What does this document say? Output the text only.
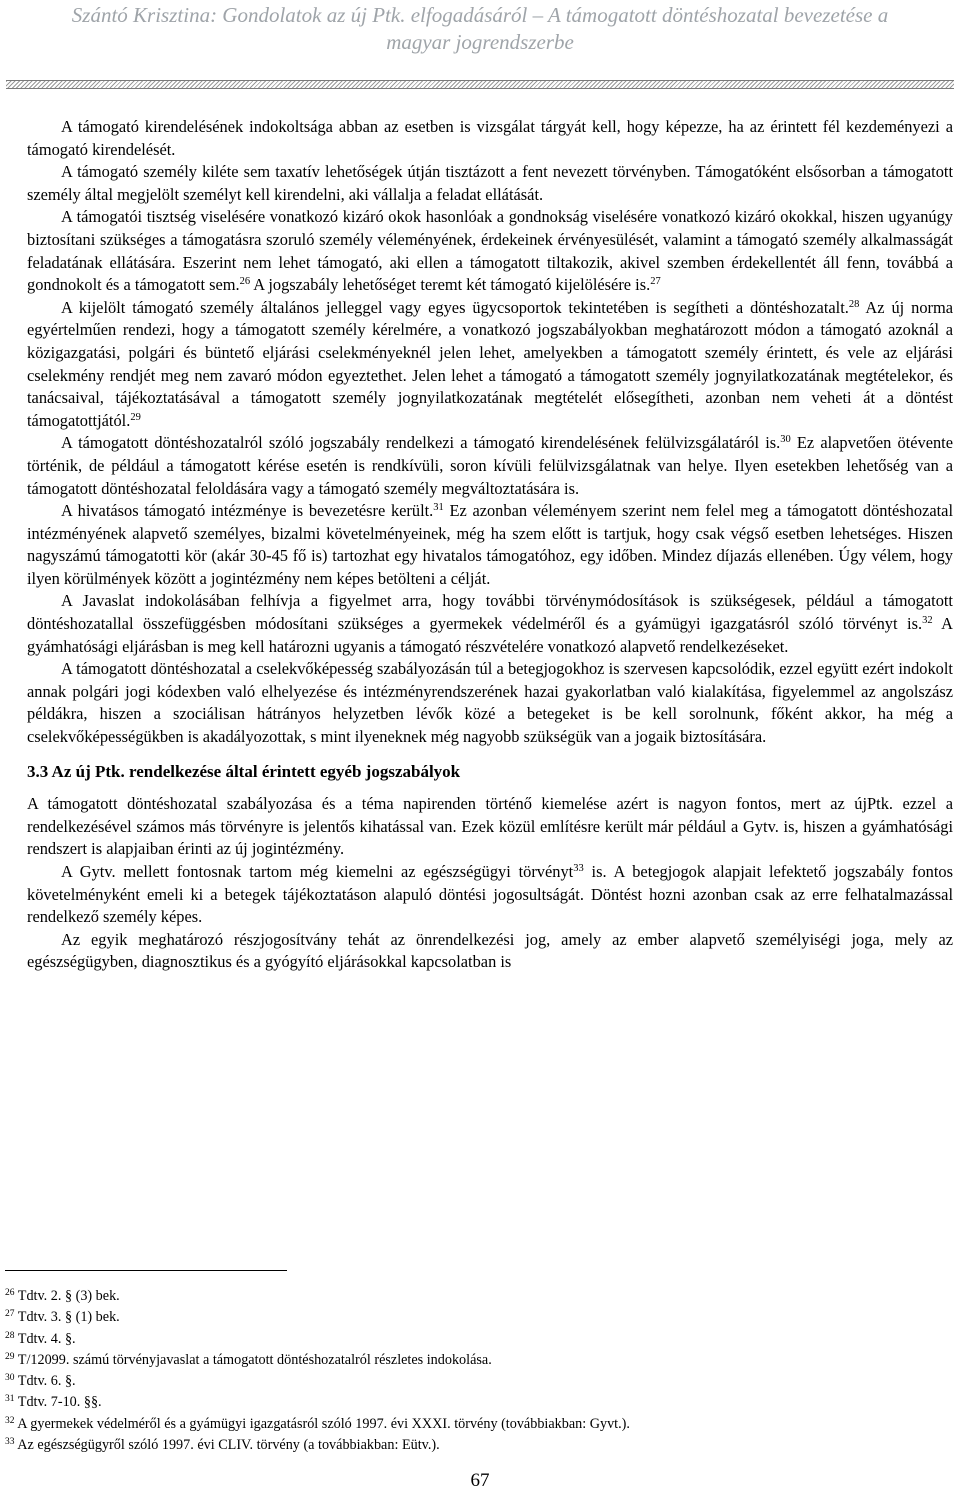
Szántó Krisztina: Gondolatok az új Ptk. elfogadásáról – A támogatott döntéshozatal bevezetése a
magyar jogrendszerbe

A támogató kirendelésének indokoltsága abban az esetben is vizsgálat tárgyát kell, hogy képezze, ha az érintett fél kezdeményezi a támogató kirendelését.

A támogató személy kiléte sem taxatív lehetőségek útján tisztázott a fent nevezett törvényben. Támogatóként elsősorban a támogatott személy által megjelölt személyt kell kirendelni, aki vállalja a feladat ellátását.

A támogatói tisztség viselésére vonatkozó kizáró okok hasonlóak a gondnokság viselésére vonatkozó kizáró okokkal, hiszen ugyanúgy biztosítani szükséges a támogatásra szoruló személy véleményének, érdekeinek érvényesülését, valamint a támogató személy alkalmasságát feladatának ellátására. Eszerint nem lehet támogató, aki ellen a támogatott tiltakozik, akivel szemben érdekellentét áll fenn, továbbá a gondnokolt és a támogatott sem.$^{26}$ A jogszabály lehetőséget teremt két támogató kijelölésére is.$^{27}$

A kijelölt támogató személy általános jelleggel vagy egyes ügycsoportok tekintetében is segítheti a döntéshozatalt.$^{28}$ Az új norma egyértelműen rendezi, hogy a támogatott személy kérelmére, a vonatkozó jogszabályokban meghatározott módon a támogató azoknál a közigazgatási, polgári és büntető eljárási cselekményeknél jelen lehet, amelyekben a támogatott személy érintett, és vele az eljárási cselekmény rendjét meg nem zavaró módon egyeztethet. Jelen lehet a támogató a támogatott személy jognyilatkozatának megtételekor, és tanácsaival, tájékoztatásával a támogatott személy jognyilatkozatának megtételét elősegítheti, azonban nem veheti át a döntést támogatottjától.$^{29}$

A támogatott döntéshozatalról szóló jogszabály rendelkezi a támogató kirendelésének felülvizsgálatáról is.$^{30}$ Ez alapvetően ötévente történik, de például a támogatott kérése esetén is rendkívüli, soron kívüli felülvizsgálatnak van helye. Ilyen esetekben lehetőség van a támogatott döntéshozatal feloldására vagy a támogató személy megváltoztatására is.

A hivatásos támogató intézménye is bevezetésre került.$^{31}$ Ez azonban véleményem szerint nem felel meg a támogatott döntéshozatal intézményének alapvető személyes, bizalmi követelményeinek, még ha szem előtt is tartjuk, hogy csak végső esetben lehetséges. Hiszen nagyszámú támogatotti kör (akár 30-45 fő is) tartozhat egy hivatalos támogatóhoz, egy időben. Mindez díjazás ellenében. Úgy vélem, hogy ilyen körülmények között a jogintézmény nem képes betölteni a célját.

A Javaslat indokolásában felhívja a figyelmet arra, hogy további törvénymódosítások is szükségesek, például a támogatott döntéshozatallal összefüggésben módosítani szükséges a gyermekek védelméről és a gyámügyi igazgatásról szóló törvényt is.$^{32}$ A gyámhatósági eljárásban is meg kell határozni ugyanis a támogató részvételére vonatkozó alapvető rendelkezéseket.

A támogatott döntéshozatal a cselekvőképesség szabályozásán túl a betegjogokhoz is szervesen kapcsolódik, ezzel együtt ezért indokolt annak polgári jogi kódexben való elhelyezése és intézményrendszerének hazai gyakorlatban való kialakítása, figyelemmel az angolszász példákra, hiszen a szociálisan hátrányos helyzetben lévők közé a betegeket is be kell sorolnunk, főként akkor, ha még a cselekvőképességükben is akadályozottak, s mint ilyeneknek még nagyobb szükségük van a jogaik biztosítására.

3.3 Az új Ptk. rendelkezése által érintett egyéb jogszabályok

A támogatott döntéshozatal szabályozása és a téma napirenden történő kiemelése azért is nagyon fontos, mert az újPtk. ezzel a rendelkezésével számos más törvényre is jelentős kihatással van. Ezek közül említésre került már például a Gytv. is, hiszen a gyámhatósági rendszert is alapjaiban érinti az új jogintézmény.

A Gytv. mellett fontosnak tartom még kiemelni az egészségügyi törvényt$^{33}$ is. A betegjogok alapjait lefektető jogszabály fontos követelményként emeli ki a betegek tájékoztatáson alapuló döntési jogosultságát. Döntést hozni azonban csak az erre felhatalmazással rendelkező személy képes.

Az egyik meghatározó részjogosítvány tehát az önrendelkezési jog, amely az ember alapvető személyiségi joga, mely az egészségügyben, diagnosztikus és a gyógyító eljárásokkal kapcsolatban is

$^{26}$ Tdtv. 2. § (3) bek.

$^{27}$ Tdtv. 3. § (1) bek.

$^{28}$ Tdtv. 4. §.

$^{29}$ T/12099. számú törvényjavaslat a támogatott döntéshozatalról részletes indokolása.

$^{30}$ Tdtv. 6. §.

$^{31}$ Tdtv. 7-10. §§.

$^{32}$ A gyermekek védelméről és a gyámügyi igazgatásról szóló 1997. évi XXXI. törvény (továbbiakban: Gyvt.).

$^{33}$ Az egészségügyről szóló 1997. évi CLIV. törvény (a továbbiakban: Eütv.).

67
